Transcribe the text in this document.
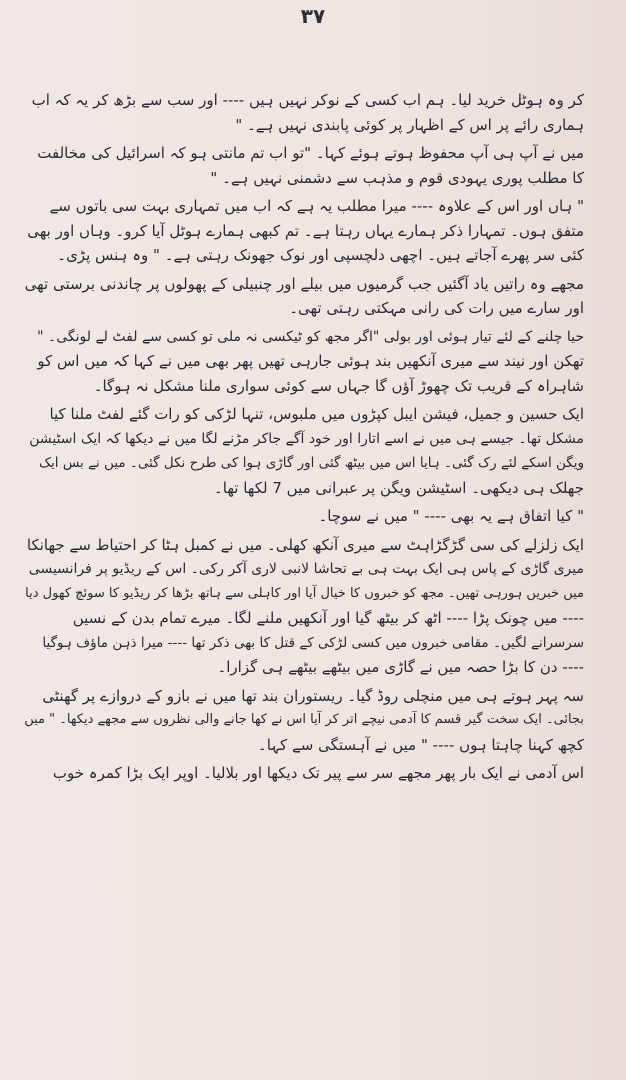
٣٧
کر وہ ہوٹل خرید لیا۔ ہم اب کسی کے نوکر نہیں ہیں ---- اور سب سے بڑھ کر یہ کہ اب
ہماری رائے پر اس کے اظہار پر کوئی پابندی نہیں ہے۔ "
میں نے آپ ہی آپ محفوظ ہوتے ہوئے کہا۔ "تو اب تم مانتی ہو کہ اسرائیل کی مخالفت
کا مطلب پوری یہودی قوم و مذہب سے دشمنی نہیں ہے۔ "
" ہاں اور اس کے علاوہ ---- میرا مطلب یہ ہے کہ اب میں تمہاری بہت سی باتوں سے
متفق ہوں۔ تمہارا ذکر ہمارے یہاں رہتا ہے۔ تم کبھی ہمارے ہوٹل آیا کرو۔ وہاں اور بھی
کئی سر پھرے آجاتے ہیں۔ اچھی دلچسپی اور نوک جھونک رہتی ہے۔ " وہ ہنس پڑی۔
مجھے وہ راتیں یاد آگئیں جب گرمیوں میں بیلے اور چنبیلی کے پھولوں پر چاندنی برستی تھی
اور سارے میں رات کی رانی مہکتی رہتی تھی۔
حیا چلنے کے لئے تیار ہوئی اور بولی "اگر مجھ کو ٹیکسی نہ ملی تو کسی سے لفٹ لے لونگی۔ "
تھکن اور نیند سے میری آنکھیں بند ہوئی جارہی تھیں پھر بھی میں نے کہا کہ میں اس کو
شاہراہ کے قریب تک چھوڑ آؤں گا جہاں سے کوئی سواری ملنا مشکل نہ ہوگا۔
ایک حسین و جمیل، فیشن ایبل کپڑوں میں ملبوس، تنہا لڑکی کو رات گئے لفٹ ملنا کیا
مشکل تھا۔ جیسے ہی میں نے اسے اتارا اور خود آگے جاکر مڑنے لگا میں نے دیکھا کہ ایک اسٹیشن
ویگن اسکے لئے رک گئی۔ ہایا اس میں بیٹھ گئی اور گاڑی ہوا کی طرح نکل گئی۔ میں نے بس ایک
جھلک ہی دیکھی۔ اسٹیشن ویگن پر عبرانی میں 7 لکھا تھا۔
" کیا اتفاق ہے یہ بھی ---- " میں نے سوچا۔
ایک زلزلے کی سی گڑگڑاہٹ سے میری آنکھ کھلی۔ میں نے کمبل ہٹا کر احتیاط سے جھانکا
میری گاڑی کے پاس ہی ایک بہت ہی بے تحاشا لانبی لاری آکر رکی۔ اس کے ریڈیو پر فرانسیسی
میں خبریں ہورہی تھیں۔ مجھ کو خبروں کا خیال آیا اور کاہلی سے ہاتھ بڑھا کر ریڈیو کا سوئچ کھول دیا
---- میں چونک پڑا ---- اٹھ کر بیٹھ گیا اور آنکھیں ملنے لگا۔ میرے تمام بدن کے نسیں
سرسرانے لگیں۔ مقامی خبروں میں کسی لڑکی کے قتل کا بھی ذکر تھا ---- میرا ذہن ماؤف ہوگیا
---- دن کا بڑا حصہ میں نے گاڑی میں بیٹھے بیٹھے ہی گزارا۔
سہ پہر ہوتے ہی میں منچلی روڈ گیا۔ ریستوران بند تھا میں نے بازو کے دروازے پر گھنٹی
بجائی۔ ایک سخت گیر قسم کا آدمی نیچے اتر کر آیا اس نے کھا جانے والی نظروں سے مجھے دیکھا۔ " میں
کچھ کہنا چاہتا ہوں ---- " میں نے آہستگی سے کہا۔
اس آدمی نے ایک بار پھر مجھے سر سے پیر تک دیکھا اور بلالیا۔ اوپر ایک بڑا کمرہ خوب
